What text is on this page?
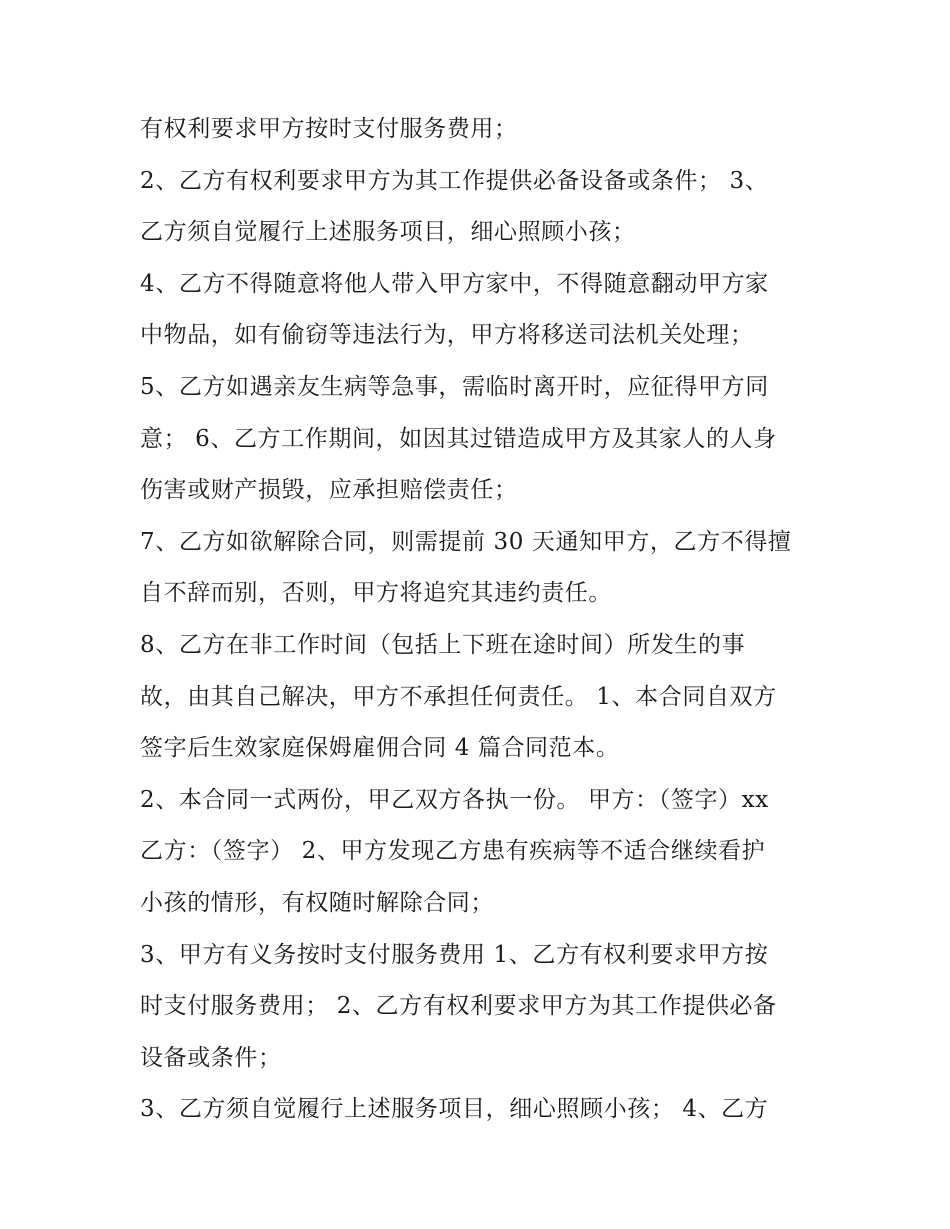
有权利要求甲方按时支付服务费用；
2、乙方有权利要求甲方为其工作提供必备设备或条件； 3、
乙方须自觉履行上述服务项目，细心照顾小孩；
4、乙方不得随意将他人带入甲方家中，不得随意翻动甲方家
中物品，如有偷窃等违法行为，甲方将移送司法机关处理；
5、乙方如遇亲友生病等急事，需临时离开时，应征得甲方同
意； 6、乙方工作期间，如因其过错造成甲方及其家人的人身
伤害或财产损毁，应承担赔偿责任；
7、乙方如欲解除合同，则需提前 30 天通知甲方，乙方不得擅
自不辞而别，否则，甲方将追究其违约责任。
8、乙方在非工作时间（包括上下班在途时间）所发生的事
故，由其自己解决，甲方不承担任何责任。 1、本合同自双方
签字后生效家庭保姆雇佣合同 4 篇合同范本。
2、本合同一式两份，甲乙双方各执一份。 甲方：（签字）xx
乙方：（签字） 2、甲方发现乙方患有疾病等不适合继续看护
小孩的情形，有权随时解除合同；
3、甲方有义务按时支付服务费用 1、乙方有权利要求甲方按
时支付服务费用； 2、乙方有权利要求甲方为其工作提供必备
设备或条件；
3、乙方须自觉履行上述服务项目，细心照顾小孩； 4、乙方
